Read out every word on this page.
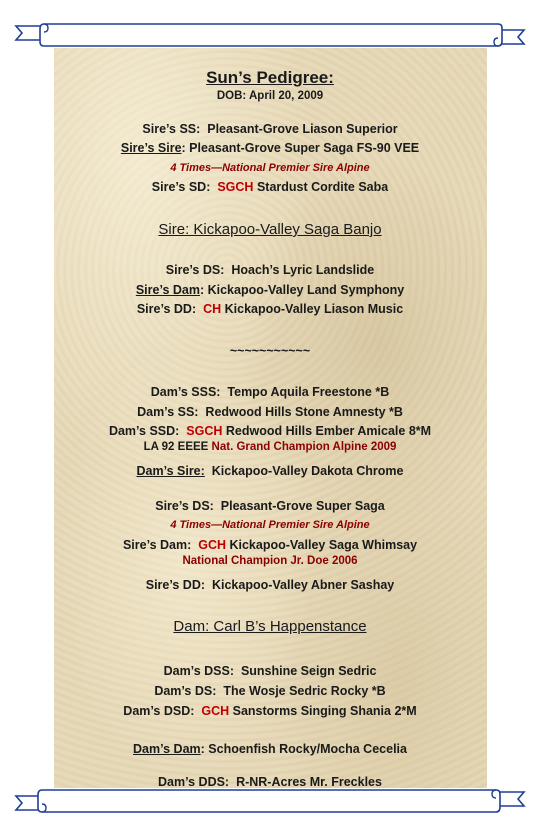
Sun’s Pedigree:
DOB: April 20, 2009
Sire’s SS: Pleasant-Grove Liason Superior
Sire’s Sire: Pleasant-Grove Super Saga FS-90 VEE
4 Times—National Premier Sire Alpine
Sire’s SD: SGCH Stardust Cordite Saba
Sire: Kickapoo-Valley Saga Banjo
Sire’s DS: Hoach’s Lyric Landslide
Sire’s Dam: Kickapoo-Valley Land Symphony
Sire’s DD: CH Kickapoo-Valley Liason Music
~~~~~~~~~~~
Dam’s SSS: Tempo Aquila Freestone *B
Dam’s SS: Redwood Hills Stone Amnesty *B
Dam’s SSD: SGCH Redwood Hills Ember Amicale 8*M
LA 92 EEEE Nat. Grand Champion Alpine 2009
Dam’s Sire: Kickapoo-Valley Dakota Chrome
Sire’s DS: Pleasant-Grove Super Saga
4 Times—National Premier Sire Alpine
Sire’s Dam: GCH Kickapoo-Valley Saga Whimsay
National Champion Jr. Doe 2006
Sire’s DD: Kickapoo-Valley Abner Sashay
Dam: Carl B’s Happenstance
Dam’s DSS: Sunshine Seign Sedric
Dam’s DS: The Wosje Sedric Rocky *B
Dam’s DSD: GCH Sanstorms Singing Shania 2*M
Dam’s Dam: Schoenfish Rocky/Mocha Cecelia
Dam’s DDS: R-NR-Acres Mr. Freckles
